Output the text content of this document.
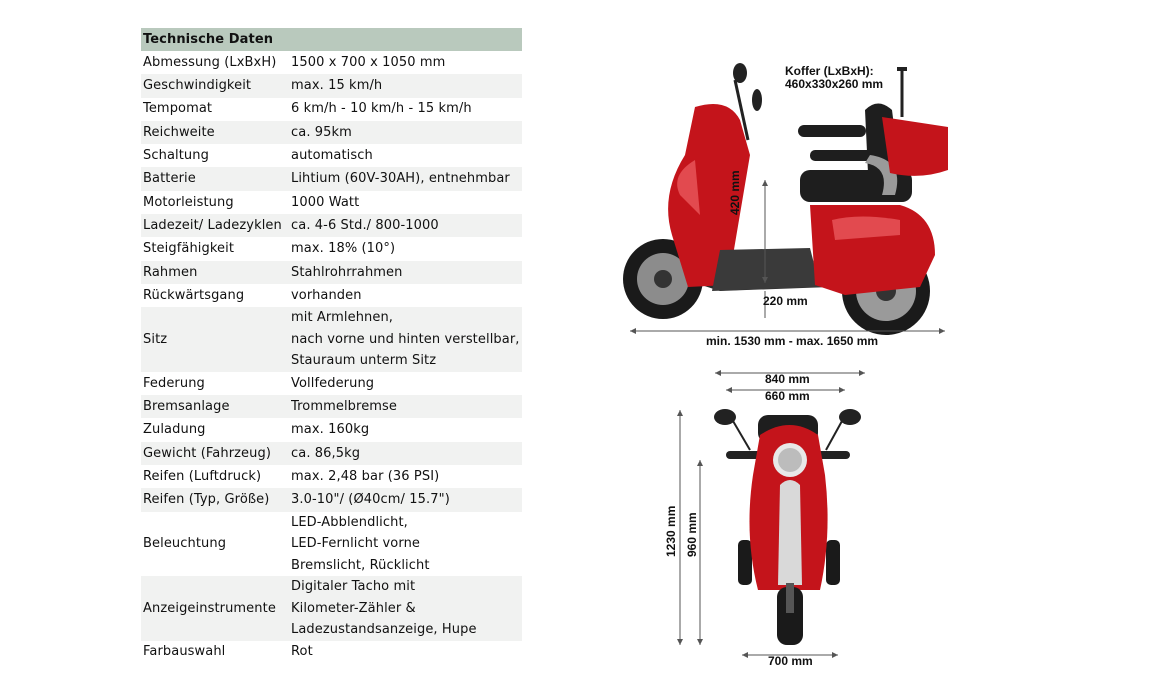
Technische Daten	
Abmessung (LxBxH)	1500 x 700 x 1050 mm

Geschwindigkeit	max. 15 km/h

Tempomat	6 km/h - 10 km/h - 15 km/h

Reichweite	ca. 95km

Schaltung	automatisch

Batterie	Lihtium (60V-30AH), entnehmbar

Motorleistung	1000 Watt

Ladezeit/ Ladezyklen	ca. 4-6 Std./ 800-1000

Steigfähigkeit	max. 18% (10°)

Rahmen	Stahlrohrrahmen

Rückwärtsgang	vorhanden

Sitz	mit Armlehnen,
nach vorne und hinten verstellbar,
Stauraum unterm Sitz

Federung	Vollfederung

Bremsanlage	Trommelbremse

Zuladung	max. 160kg

Gewicht (Fahrzeug)	ca. 86,5kg

Reifen (Luftdruck)	max. 2,48 bar (36 PSI)

Reifen (Typ, Größe)	3.0-10"/ (Ø40cm/ 15.7")

Beleuchtung	LED-Abblendlicht,
LED-Fernlicht vorne
Bremslicht, Rücklicht

Anzeigeinstrumente	Digitaler Tacho mit
Kilometer-Zähler &
Ladezustandsanzeige, Hupe

Farbauswahl	Rot
Koffer (LxBxH):
460x330x260 mm
420 mm
220 mm
min. 1530 mm - max. 1650 mm
840 mm
660 mm
1230 mm 960 mm
700 mm
